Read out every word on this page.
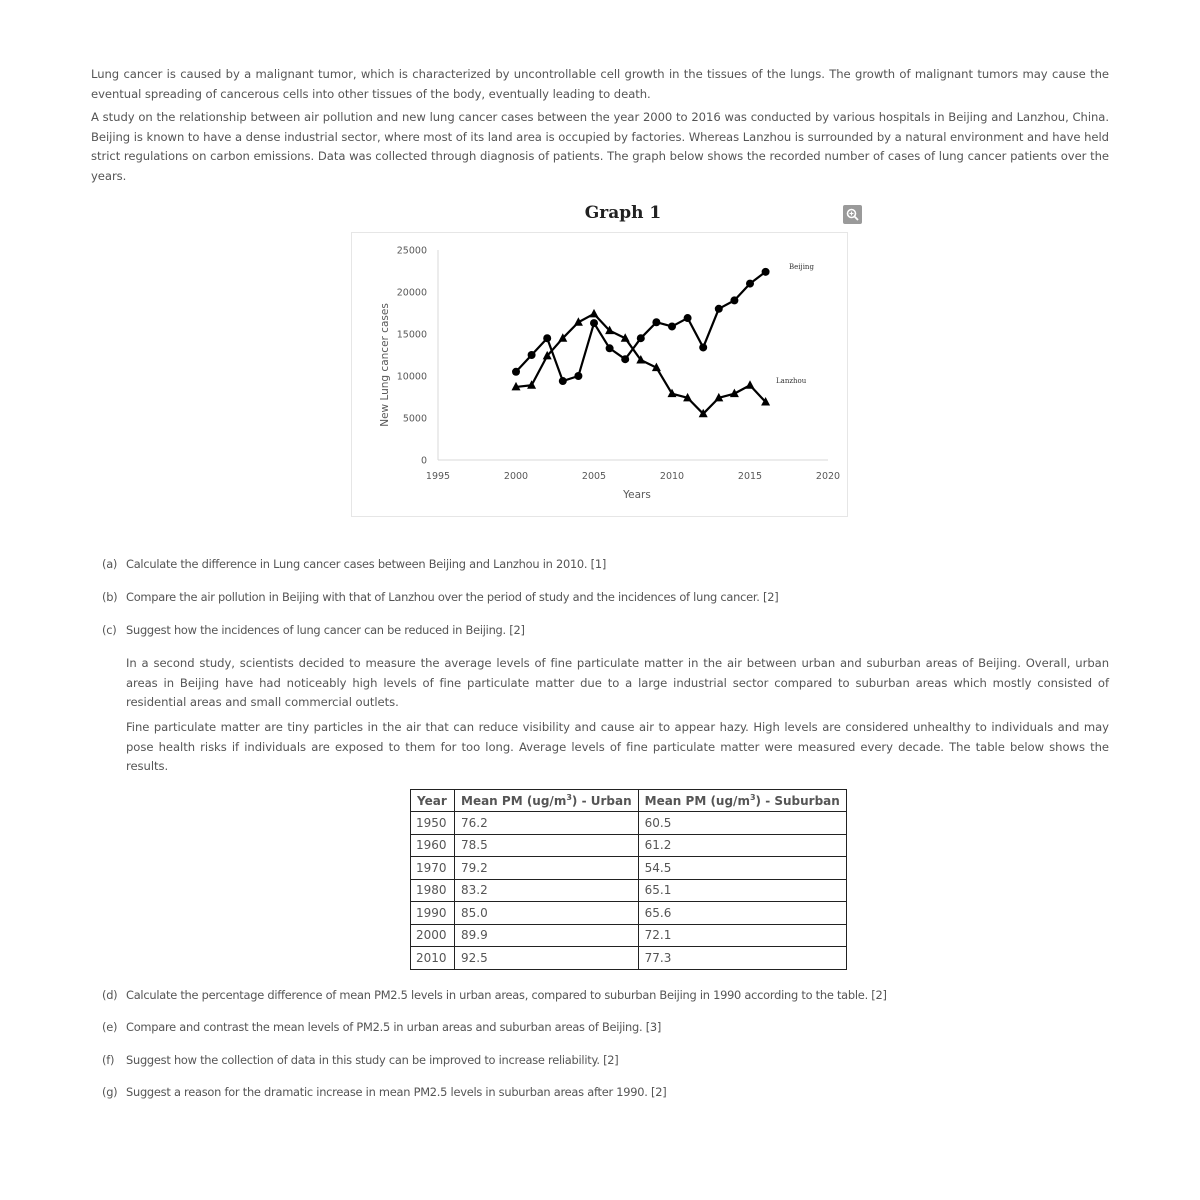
Lung cancer is caused by a malignant tumor, which is characterized by uncontrollable cell growth in the tissues of the lungs. The growth of malignant tumors may cause the eventual spreading of cancerous cells into other tissues of the body, eventually leading to death.
A study on the relationship between air pollution and new lung cancer cases between the year 2000 to 2016 was conducted by various hospitals in Beijing and Lanzhou, China. Beijing is known to have a dense industrial sector, where most of its land area is occupied by factories. Whereas Lanzhou is surrounded by a natural environment and have held strict regulations on carbon emissions. Data was collected through diagnosis of patients. The graph below shows the recorded number of cases of lung cancer patients over the years.
Graph 1
0
5000
10000
15000
20000
25000
1995	2000	2005	2010	2015	2020
Years
New Lung cancer cases
Beijing
Lanzhou
(a) Calculate the difference in Lung cancer cases between Beijing and Lanzhou in 2010. [1]
(b) Compare the air pollution in Beijing with that of Lanzhou over the period of study and the incidences of lung cancer. [2]
(c) Suggest how the incidences of lung cancer can be reduced in Beijing. [2]
In a second study, scientists decided to measure the average levels of fine particulate matter in the air between urban and suburban areas of Beijing. Overall, urban areas in Beijing have had noticeably high levels of fine particulate matter due to a large industrial sector compared to suburban areas which mostly consisted of residential areas and small commercial outlets.
Fine particulate matter are tiny particles in the air that can reduce visibility and cause air to appear hazy. High levels are considered unhealthy to individuals and may pose health risks if individuals are exposed to them for too long. Average levels of fine particulate matter were measured every decade. The table below shows the results.
Year	Mean PM $(ug/m^3)$ - Urban	Mean PM $(ug/m^3)$ - Suburban
1950	76.2	60.5
1960	78.5	61.2
1970	79.2	54.5
1980	83.2	65.1
1990	85.0	65.6
2000	89.9	72.1
2010	92.5	77.3
(d) Calculate the percentage difference of mean PM2.5 levels in urban areas, compared to suburban Beijing in 1990 according to the table. [2]
(e) Compare and contrast the mean levels of PM2.5 in urban areas and suburban areas of Beijing. [3]
(f) Suggest how the collection of data in this study can be improved to increase reliability. [2]
(g) Suggest a reason for the dramatic increase in mean PM2.5 levels in suburban areas after 1990. [2]
